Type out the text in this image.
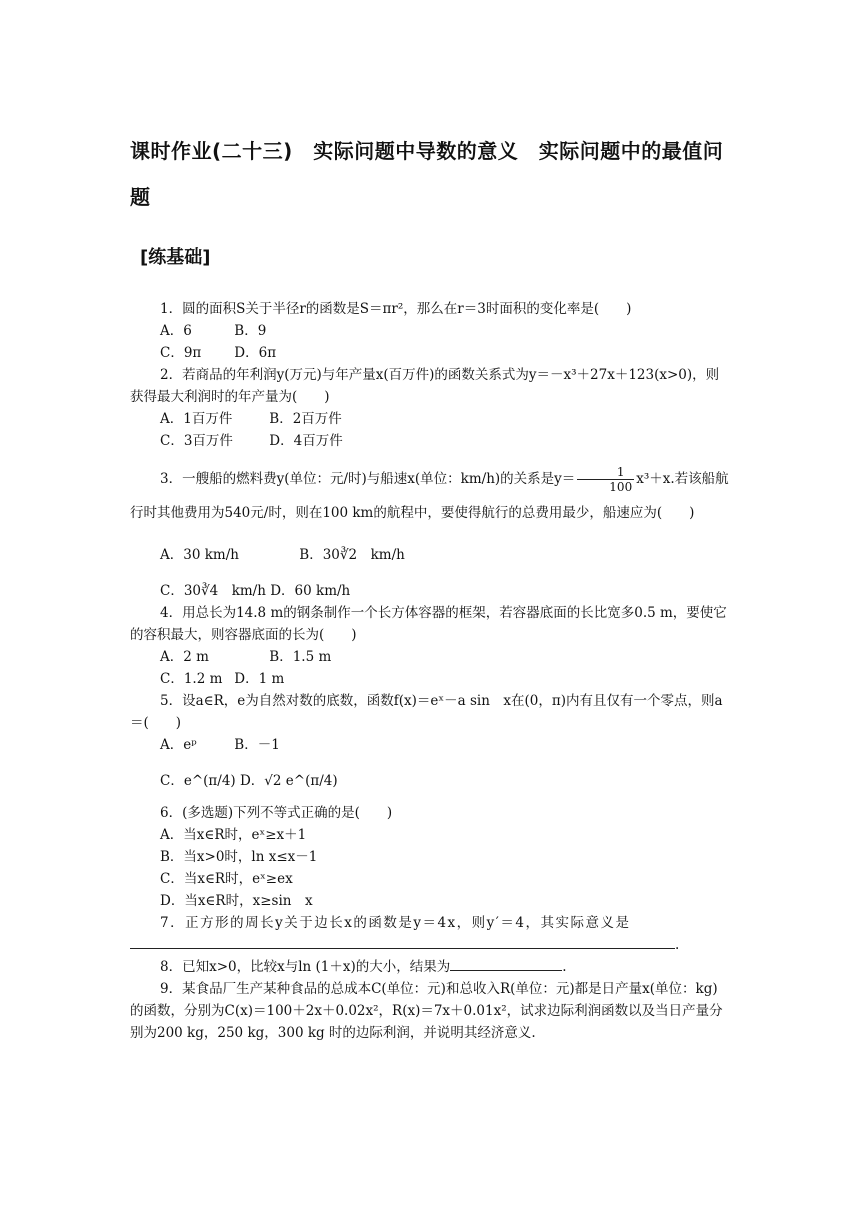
课时作业(二十三)　实际问题中导数的意义　实际问题中的最值问题
[练基础]

1．圆的面积S关于半径r的函数是S＝πr²，那么在r＝3时面积的变化率是(　　)

A．6	B．9

C．9π D．6π

2．若商品的年利润y(万元)与年产量x(百万件)的函数关系式为y＝－x³＋27x＋123(x>0)，则获得最大利润时的年产量为(　　)

A．1百万件	B．2百万件

C．3百万件	D．4百万件

3．一艘船的燃料费y(单位：元/时)与船速x(单位：km/h)的关系是$y= \frac{1}{100} x^3+x$.若该船航行时其他费用为540元/时，则在100 km的航程中，要使得航行的总费用最少，船速应为(　　)

A．30 km/h	B．30∛2　km/h

C．30∛4　km/h D．60 km/h

4．用总长为14.8 m的钢条制作一个长方体容器的框架，若容器底面的长比宽多0.5 m，要使它的容积最大，则容器底面的长为(　　)

A．2 m	B．1.5 m

C．1.2 m D．1 m

5．设a∈R，e为自然对数的底数，函数f(x)＝eˣ－a sin　x在(0，π)内有且仅有一个零点，则a＝(　　)

A．eᵖ	B．－1

C．e^(π/4) D．√2 e^(π/4)

6．(多选题)下列不等式正确的是(　　)

A．当x∈R时，eˣ≥x＋1

B．当x>0时，ln x≤x－1

C．当x∈R时，eˣ≥ex

D．当x∈R时，x≥sin　x

7．正方形的周长y关于边长x的函数是y＝4x，则y′＝4，其实际意义是

.

8．已知x>0，比较x与ln (1＋x)的大小，结果为	.

9．某食品厂生产某种食品的总成本C(单位：元)和总收入R(单位：元)都是日产量x(单位：kg)的函数，分别为C(x)＝100＋2x＋0.02x²，R(x)＝7x＋0.01x²，试求边际利润函数以及当日产量分别为200 kg，250 kg，300 kg 时的边际利润，并说明其经济意义.
